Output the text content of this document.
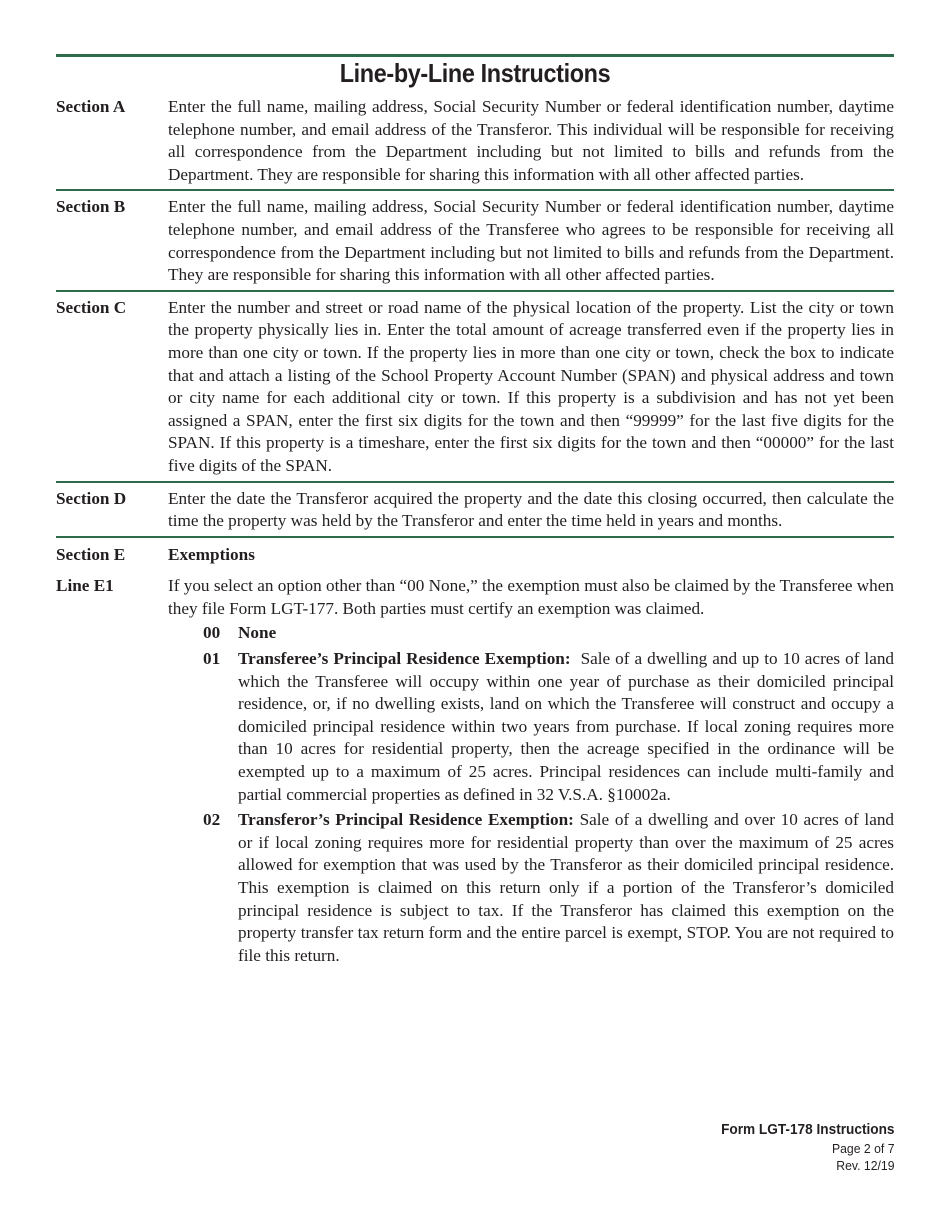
Line-by-Line Instructions
Section A	Enter the full name, mailing address, Social Security Number or federal identification number, daytime telephone number, and email address of the Transferor. This individual will be responsible for receiving all correspondence from the Department including but not limited to bills and refunds from the Department. They are responsible for sharing this information with all other affected parties.
Section B	Enter the full name, mailing address, Social Security Number or federal identification number, daytime telephone number, and email address of the Transferee who agrees to be responsible for receiving all correspondence from the Department including but not limited to bills and refunds from the Department. They are responsible for sharing this information with all other affected parties.
Section C	Enter the number and street or road name of the physical location of the property. List the city or town the property physically lies in. Enter the total amount of acreage transferred even if the property lies in more than one city or town. If the property lies in more than one city or town, check the box to indicate that and attach a listing of the School Property Account Number (SPAN) and physical address and town or city name for each additional city or town. If this property is a subdivision and has not yet been assigned a SPAN, enter the first six digits for the town and then “99999” for the last five digits for the SPAN. If this property is a timeshare, enter the first six digits for the town and then “00000” for the last five digits of the SPAN.
Section D	Enter the date the Transferor acquired the property and the date this closing occurred, then calculate the time the property was held by the Transferor and enter the time held in years and months.
Section E	Exemptions
Line E1	If you select an option other than “00 None,” the exemption must also be claimed by the Transferee when they file Form LGT-177. Both parties must certify an exemption was claimed.
00	None
01	Transferee’s Principal Residence Exemption: Sale of a dwelling and up to 10 acres of land which the Transferee will occupy within one year of purchase as their domiciled principal residence, or, if no dwelling exists, land on which the Transferee will construct and occupy a domiciled principal residence within two years from purchase. If local zoning requires more than 10 acres for residential property, then the acreage specified in the ordinance will be exempted up to a maximum of 25 acres. Principal residences can include multi-family and partial commercial properties as defined in 32 V.S.A. §10002a.
02	Transferor’s Principal Residence Exemption: Sale of a dwelling and over 10 acres of land or if local zoning requires more for residential property than over the maximum of 25 acres allowed for exemption that was used by the Transferor as their domiciled principal residence. This exemption is claimed on this return only if a portion of the Transferor’s domiciled principal residence is subject to tax. If the Transferor has claimed this exemption on the property transfer tax return form and the entire parcel is exempt, STOP. You are not required to file this return.
Form LGT-178 Instructions
Page 2 of 7
Rev. 12/19
